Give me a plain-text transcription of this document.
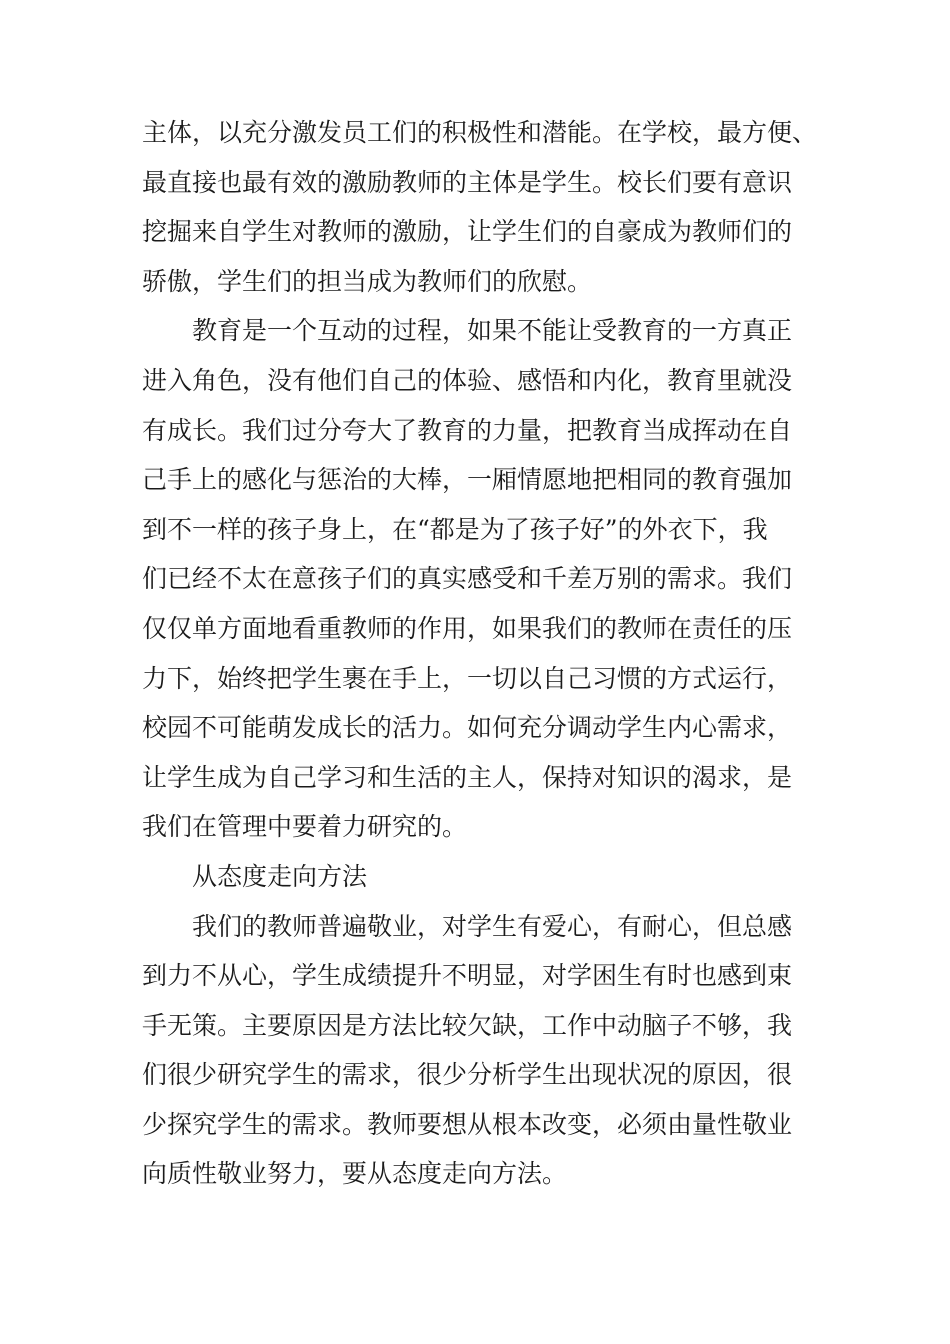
主体，以充分激发员工们的积极性和潜能。在学校，最方便、
最直接也最有效的激励教师的主体是学生。校长们要有意识
挖掘来自学生对教师的激励，让学生们的自豪成为教师们的
骄傲，学生们的担当成为教师们的欣慰。
教育是一个互动的过程，如果不能让受教育的一方真正
进入角色，没有他们自己的体验、感悟和内化，教育里就没
有成长。我们过分夸大了教育的力量，把教育当成挥动在自
己手上的感化与惩治的大棒，一厢情愿地把相同的教育强加
到不一样的孩子身上，在“都是为了孩子好”的外衣下，我
们已经不太在意孩子们的真实感受和千差万别的需求。我们
仅仅单方面地看重教师的作用，如果我们的教师在责任的压
力下，始终把学生裹在手上，一切以自己习惯的方式运行，
校园不可能萌发成长的活力。如何充分调动学生内心需求，
让学生成为自己学习和生活的主人，保持对知识的渴求，是
我们在管理中要着力研究的。
从态度走向方法
我们的教师普遍敬业，对学生有爱心，有耐心，但总感
到力不从心，学生成绩提升不明显，对学困生有时也感到束
手无策。主要原因是方法比较欠缺，工作中动脑子不够，我
们很少研究学生的需求，很少分析学生出现状况的原因，很
少探究学生的需求。教师要想从根本改变，必须由量性敬业
向质性敬业努力，要从态度走向方法。
